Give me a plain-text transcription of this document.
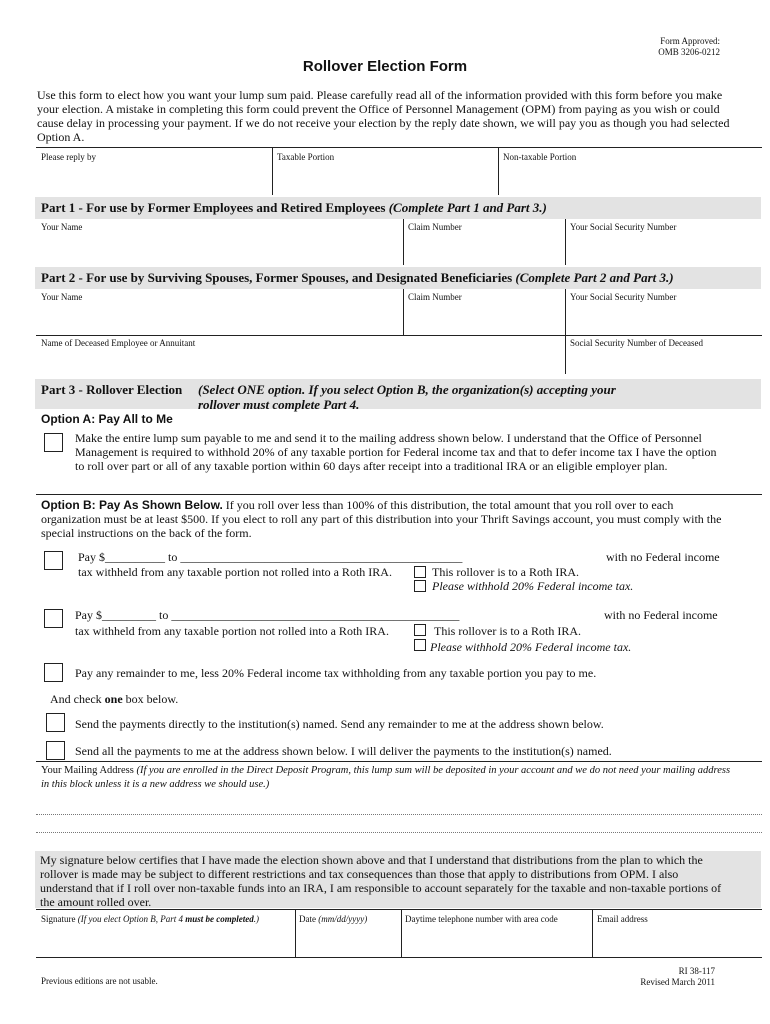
Form Approved:
OMB 3206-0212
Rollover Election Form
Use this form to elect how you want your lump sum paid. Please carefully read all of the information provided with this form before you make your election. A mistake in completing this form could prevent the Office of Personnel Management (OPM) from paying as you wish or could cause delay in processing your payment. If we do not receive your election by the reply date shown, we will pay you as though you had selected Option A.
Please reply by	Taxable Portion	Non-taxable Portion
Part 1 - For use by Former Employees and Retired Employees (Complete Part 1 and Part 3.)
Your Name	Claim Number	Your Social Security Number
Part 2 - For use by Surviving Spouses, Former Spouses, and Designated Beneficiaries (Complete Part 2 and Part 3.)
Your Name	Claim Number	Your Social Security Number
Name of Deceased Employee or Annuitant	Social Security Number of Deceased
Part 3 - Rollover Election (Select ONE option. If you select Option B, the organization(s) accepting your
rollover must complete Part 4.
Option A: Pay All to Me
Make the entire lump sum payable to me and send it to the mailing address shown below. I understand that the Office of Personnel Management is required to withhold 20% of any taxable portion for Federal income tax and that to defer income tax I have the option to roll over part or all of any taxable portion within 60 days after receipt into a traditional IRA or an eligible employer plan.
Option B: Pay As Shown Below. If you roll over less than 100% of this distribution, the total amount that you roll over to each organization must be at least $500. If you elect to roll any part of this distribution into your Thrift Savings account, you must comply with the special instructions on the back of the form.
Pay $__________ to _______________________________________________	with no Federal income
tax withheld from any taxable portion not rolled into a Roth IRA.	This rollover is to a Roth IRA.
Please withhold 20% Federal income tax.
Pay $_________ to ________________________________________________	with no Federal income
tax withheld from any taxable portion not rolled into a Roth IRA.	This rollover is to a Roth IRA.
Please withhold 20% Federal income tax.
Pay any remainder to me, less 20% Federal income tax withholding from any taxable portion you pay to me.
And check one box below.
Send the payments directly to the institution(s) named. Send any remainder to me at the address shown below.
Send all the payments to me at the address shown below. I will deliver the payments to the institution(s) named.
Your Mailing Address (If you are enrolled in the Direct Deposit Program, this lump sum will be deposited in your account and we do not need your mailing address in this block unless it is a new address we should use.)
My signature below certifies that I have made the election shown above and that I understand that distributions from the plan to which the rollover is made may be subject to different restrictions and tax consequences than those that apply to distributions from OPM. I also understand that if I roll over non-taxable funds into an IRA, I am responsible to account separately for the taxable and non-taxable portions of the amount rolled over.
Signature (If you elect Option B, Part 4 must be completed.)	Date (mm/dd/yyyy)	Daytime telephone number with area code	Email address
Previous editions are not usable.
RI 38-117
Revised March 2011
